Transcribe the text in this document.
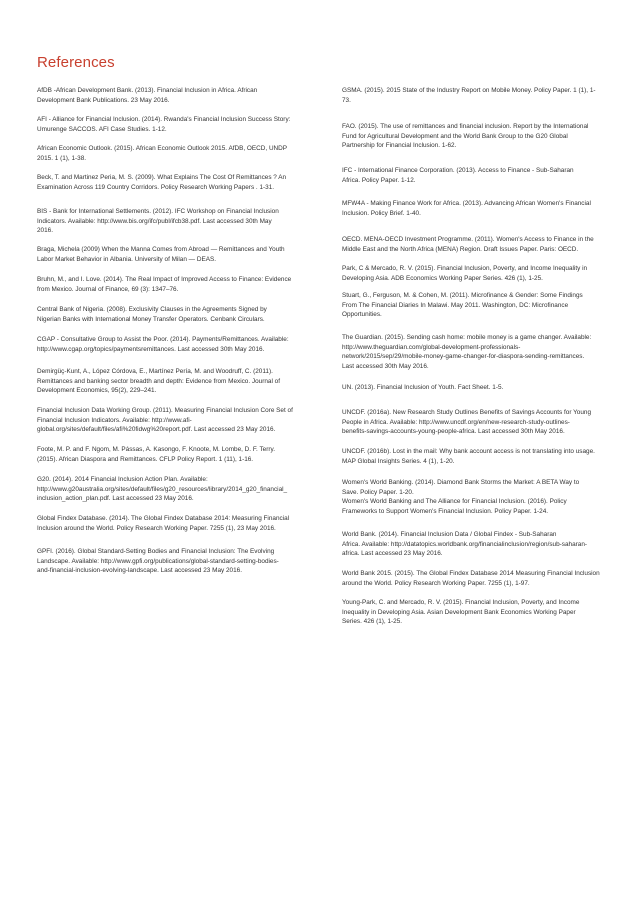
References

AfDB -African Development Bank. (2013). Financial Inclusion in Africa. African
Development Bank Publications. 23 May 2016.

AFI - Alliance for Financial Inclusion. (2014). Rwanda's Financial Inclusion Success Story:
Umurenge SACCOS. AFI Case Studies. 1-12.

African Economic Outlook. (2015). African Economic Outlook 2015. AfDB, OECD, UNDP
2015. 1 (1), 1-38.

Beck, T. and Martinez Peria, M. S. (2009). What Explains The Cost Of Remittances ? An
Examination Across 119 Country Corridors. Policy Research Working Papers . 1-31.

BIS - Bank for International Settlements. (2012). IFC Workshop on Financial Inclusion
Indicators. Available: http://www.bis.org/ifc/publ/ifcb38.pdf. Last accessed 30th May
2016.

Braga, Michela (2009) When the Manna Comes from Abroad — Remittances and Youth
Labor Market Behavior in Albania. University of Milan — DEAS.

Bruhn, M., and I. Love. (2014). The Real Impact of Improved Access to Finance: Evidence
from Mexico. Journal of Finance, 69 (3): 1347–76.

Central Bank of Nigeria. (2008). Exclusivity Clauses in the Agreements Signed by
Nigerian Banks with International Money Transfer Operators. Cenbank Circulars.

CGAP - Consultative Group to Assist the Poor. (2014). Payments/Remittances. Available:
http://www.cgap.org/topics/paymentsremittances. Last accessed 30th May 2016.

Demirgüç-Kunt, A., López Córdova, E., Martínez Pería, M. and Woodruff, C. (2011).
Remittances and banking sector breadth and depth: Evidence from Mexico. Journal of
Development Economics, 95(2), 229–241.

Financial Inclusion Data Working Group. (2011). Measuring Financial Inclusion Core Set of
Financial Inclusion Indicators. Available: http://www.afi-
global.org/sites/default/files/afi%20fidwg%20report.pdf. Last accessed 23 May 2016.

Foote, M. P. and F. Ngom, M. Pássas, A. Kasongo, F. Knoote, M. Lombe, D. F. Terry.
(2015). African Diaspora and Remittances. CFLP Policy Report. 1 (11), 1-16.

G20. (2014). 2014 Financial Inclusion Action Plan. Available:
http://www.g20australia.org/sites/default/files/g20_resources/library/2014_g20_financial_
inclusion_action_plan.pdf. Last accessed 23 May 2016.

Global Findex Database. (2014). The Global Findex Database 2014: Measuring Financial
Inclusion around the World. Policy Research Working Paper. 7255 (1), 23 May 2016.

GPFI. (2016). Global Standard-Setting Bodies and Financial Inclusion: The Evolving
Landscape. Available: http://www.gpfi.org/publications/global-standard-setting-bodies-
and-financial-inclusion-evolving-landscape. Last accessed 23 May 2016.

GSMA. (2015). 2015 State of the Industry Report on Mobile Money. Policy Paper. 1 (1), 1-
73.

FAO. (2015). The use of remittances and financial inclusion. Report by the International
Fund for Agricultural Development and the World Bank Group to the G20 Global
Partnership for Financial Inclusion. 1-62.

IFC - International Finance Corporation. (2013). Access to Finance - Sub-Saharan
Africa. Policy Paper. 1-12.

MFW4A - Making Finance Work for Africa. (2013). Advancing African Women's Financial
Inclusion. Policy Brief. 1-40.

OECD. MENA-OECD Investment Programme. (2011). Women's Access to Finance in the
Middle East and the North Africa (MENA) Region. Draft Issues Paper. Paris: OECD.

Park, C & Mercado, R. V. (2015). Financial Inclusion, Poverty, and Income Inequality in
Developing Asia. ADB Economics Working Paper Series. 426 (1), 1-25.

Stuart, G., Ferguson, M. & Cohen, M. (2011). Microfinance & Gender: Some Findings
From The Financial Diaries In Malawi. May 2011. Washington, DC: Microfinance
Opportunities.

The Guardian. (2015). Sending cash home: mobile money is a game changer. Available:
http://www.theguardian.com/global-development-professionals-
network/2015/sep/29/mobile-money-game-changer-for-diaspora-sending-remittances.
Last accessed 30th May 2016.

UN. (2013). Financial Inclusion of Youth. Fact Sheet. 1-5.

UNCDF. (2016a). New Research Study Outlines Benefits of Savings Accounts for Young
People in Africa. Available: http://www.uncdf.org/en/new-research-study-outlines-
benefits-savings-accounts-young-people-africa. Last accessed 30th May 2016.

UNCDF. (2016b). Lost in the mail: Why bank account access is not translating into usage.
MAP Global Insights Series. 4 (1), 1-20.

Women's World Banking. (2014). Diamond Bank Storms the Market: A BETA Way to
Save. Policy Paper. 1-20.
Women's World Banking and The Alliance for Financial Inclusion. (2016). Policy
Frameworks to Support Women's Financial Inclusion. Policy Paper. 1-24.

World Bank. (2014). Financial Inclusion Data / Global Findex - Sub-Saharan
Africa. Available: http://datatopics.worldbank.org/financialinclusion/region/sub-saharan-
africa. Last accessed 23 May 2016.

World Bank 2015. (2015). The Global Findex Database 2014 Measuring Financial Inclusion
around the World. Policy Research Working Paper. 7255 (1), 1-97.

Young-Park, C. and Mercado, R. V. (2015). Financial Inclusion, Poverty, and Income
Inequality in Developing Asia. Asian Development Bank Economics Working Paper
Series. 426 (1), 1-25.
